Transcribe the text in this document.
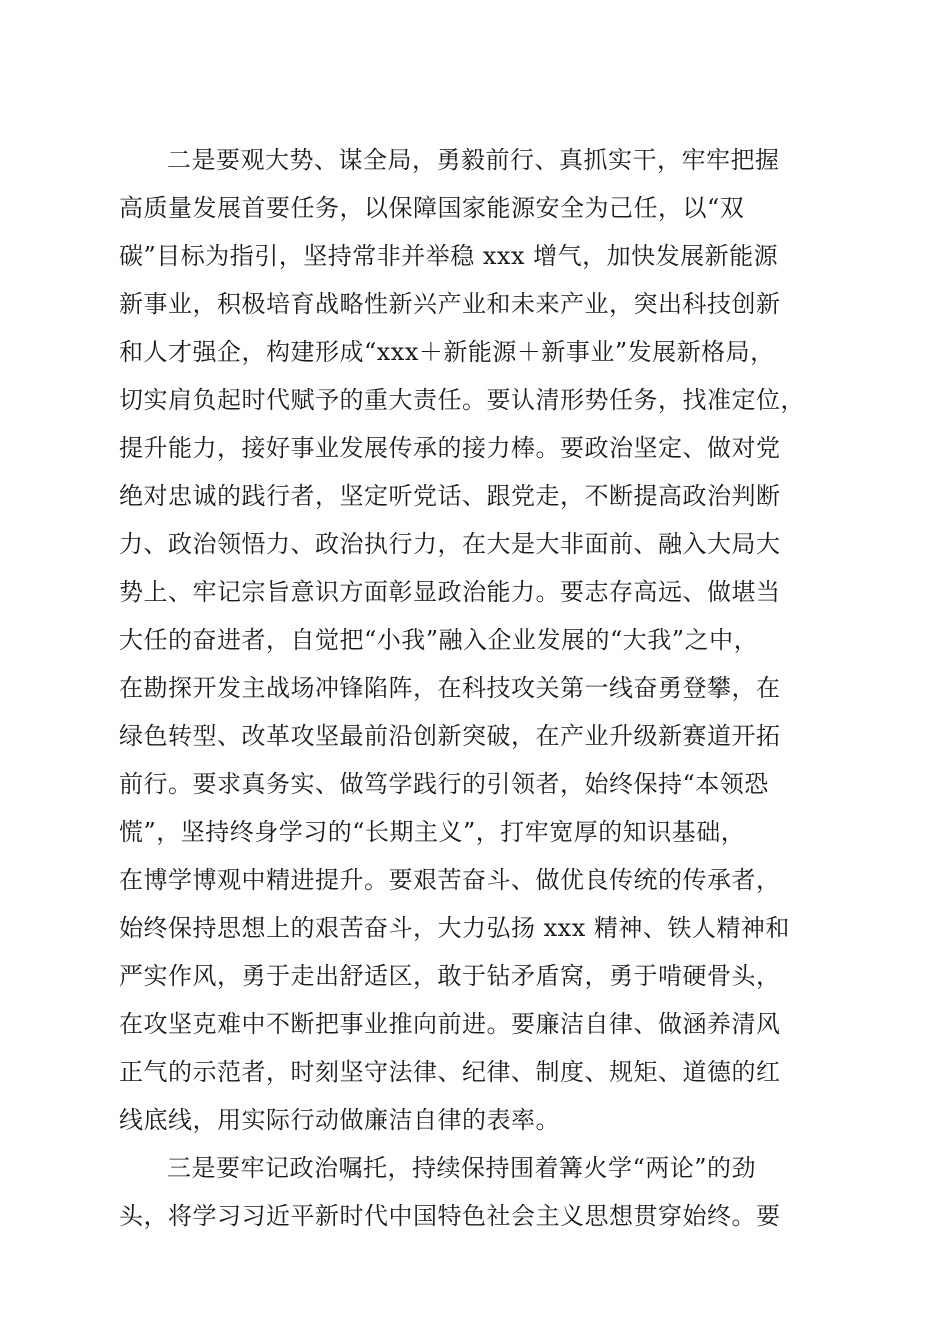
二是要观大势、谋全局，勇毅前行、真抓实干，牢牢把握
高质量发展首要任务，以保障国家能源安全为己任，以“双
碳”目标为指引，坚持常非并举稳 xxx 增气，加快发展新能源
新事业，积极培育战略性新兴产业和未来产业，突出科技创新
和人才强企，构建形成“xxx＋新能源＋新事业”发展新格局，
切实肩负起时代赋予的重大责任。要认清形势任务，找准定位，
提升能力，接好事业发展传承的接力棒。要政治坚定、做对党
绝对忠诚的践行者，坚定听党话、跟党走，不断提高政治判断
力、政治领悟力、政治执行力，在大是大非面前、融入大局大
势上、牢记宗旨意识方面彰显政治能力。要志存高远、做堪当
大任的奋进者，自觉把“小我”融入企业发展的“大我”之中，
在勘探开发主战场冲锋陷阵，在科技攻关第一线奋勇登攀，在
绿色转型、改革攻坚最前沿创新突破，在产业升级新赛道开拓
前行。要求真务实、做笃学践行的引领者，始终保持“本领恐
慌”，坚持终身学习的“长期主义”，打牢宽厚的知识基础，
在博学博观中精进提升。要艰苦奋斗、做优良传统的传承者，
始终保持思想上的艰苦奋斗，大力弘扬 xxx 精神、铁人精神和
严实作风，勇于走出舒适区，敢于钻矛盾窝，勇于啃硬骨头，
在攻坚克难中不断把事业推向前进。要廉洁自律、做涵养清风
正气的示范者，时刻坚守法律、纪律、制度、规矩、道德的红
线底线，用实际行动做廉洁自律的表率。
三是要牢记政治嘱托，持续保持围着篝火学“两论”的劲
头，将学习习近平新时代中国特色社会主义思想贯穿始终。要
